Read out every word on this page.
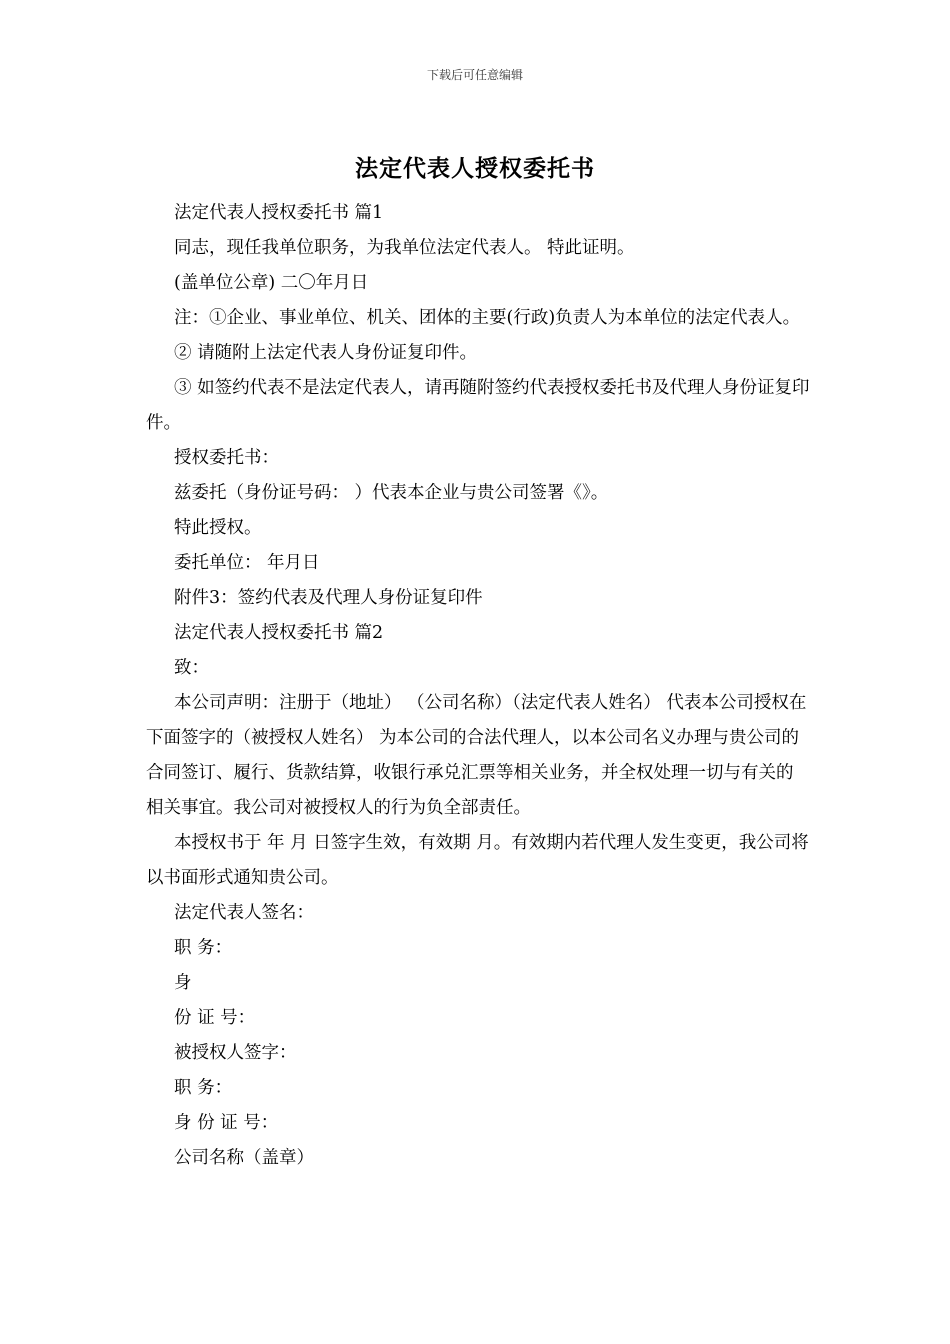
下载后可任意编辑
法定代表人授权委托书

法定代表人授权委托书 篇1

同志，现任我单位职务，为我单位法定代表人。 特此证明。

(盖单位公章) 二〇年月日

注：①企业、事业单位、机关、团体的主要(行政)负责人为本单位的法定代表人。

② 请随附上法定代表人身份证复印件。

③ 如签约代表不是法定代表人，请再随附签约代表授权委托书及代理人身份证复印件。

授权委托书：

兹委托（身份证号码： ）代表本企业与贵公司签署《》。

特此授权。

委托单位： 年月日

附件3：签约代表及代理人身份证复印件

法定代表人授权委托书 篇2

致：

本公司声明：注册于（地址） （公司名称）（法定代表人姓名） 代表本公司授权在下面签字的（被授权人姓名） 为本公司的合法代理人，以本公司名义办理与贵公司的合同签订、履行、货款结算，收银行承兑汇票等相关业务，并全权处理一切与有关的相关事宜。我公司对被授权人的行为负全部责任。

本授权书于 年 月 日签字生效，有效期 月。有效期内若代理人发生变更，我公司将以书面形式通知贵公司。

法定代表人签名：

职 务：

身

份 证 号：

被授权人签字：

职 务：

身 份 证 号：

公司名称（盖章）
